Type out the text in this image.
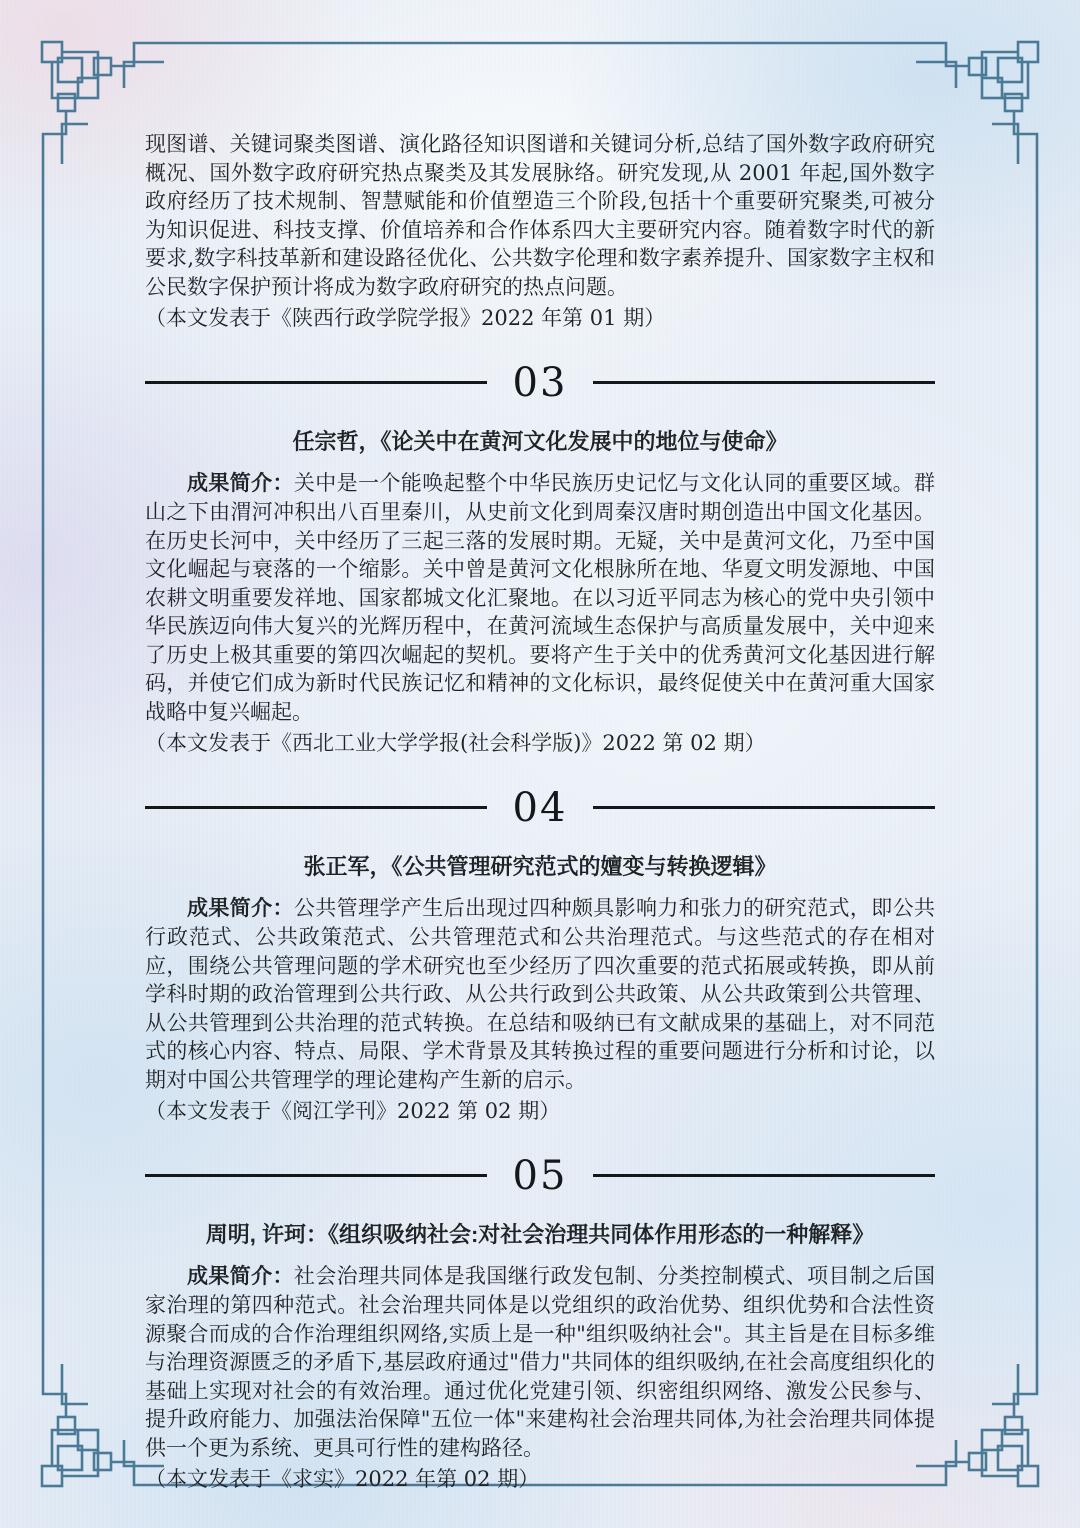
现图谱、关键词聚类图谱、演化路径知识图谱和关键词分析,总结了国外数字政府研究概况、国外数字政府研究热点聚类及其发展脉络。研究发现,从 2001 年起,国外数字政府经历了技术规制、智慧赋能和价值塑造三个阶段,包括十个重要研究聚类,可被分为知识促进、科技支撑、价值培养和合作体系四大主要研究内容。随着数字时代的新要求,数字科技革新和建设路径优化、公共数字伦理和数字素养提升、国家数字主权和公民数字保护预计将成为数字政府研究的热点问题。

（本文发表于《陕西行政学院学报》2022 年第 01 期）

03
任宗哲，《论关中在黄河文化发展中的地位与使命》

成果简介：关中是一个能唤起整个中华民族历史记忆与文化认同的重要区域。群山之下由渭河冲积出八百里秦川，从史前文化到周秦汉唐时期创造出中国文化基因。在历史长河中，关中经历了三起三落的发展时期。无疑，关中是黄河文化，乃至中国文化崛起与衰落的一个缩影。关中曾是黄河文化根脉所在地、华夏文明发源地、中国农耕文明重要发祥地、国家都城文化汇聚地。在以习近平同志为核心的党中央引领中华民族迈向伟大复兴的光辉历程中，在黄河流域生态保护与高质量发展中，关中迎来了历史上极其重要的第四次崛起的契机。要将产生于关中的优秀黄河文化基因进行解码，并使它们成为新时代民族记忆和精神的文化标识，最终促使关中在黄河重大国家战略中复兴崛起。

（本文发表于《西北工业大学学报(社会科学版)》2022 第 02 期）

04
张正军，《公共管理研究范式的嬗变与转换逻辑》

成果简介：公共管理学产生后出现过四种颇具影响力和张力的研究范式，即公共行政范式、公共政策范式、公共管理范式和公共治理范式。与这些范式的存在相对应，围绕公共管理问题的学术研究也至少经历了四次重要的范式拓展或转换，即从前学科时期的政治管理到公共行政、从公共行政到公共政策、从公共政策到公共管理、从公共管理到公共治理的范式转换。在总结和吸纳已有文献成果的基础上，对不同范式的核心内容、特点、局限、学术背景及其转换过程的重要问题进行分析和讨论，以期对中国公共管理学的理论建构产生新的启示。

（本文发表于《阅江学刊》2022 第 02 期）

05
周明, 许珂：《组织吸纳社会:对社会治理共同体作用形态的一种解释》

成果简介：社会治理共同体是我国继行政发包制、分类控制模式、项目制之后国家治理的第四种范式。社会治理共同体是以党组织的政治优势、组织优势和合法性资源聚合而成的合作治理组织网络,实质上是一种"组织吸纳社会"。其主旨是在目标多维与治理资源匮乏的矛盾下,基层政府通过"借力"共同体的组织吸纳,在社会高度组织化的基础上实现对社会的有效治理。通过优化党建引领、织密组织网络、激发公民参与、提升政府能力、加强法治保障"五位一体"来建构社会治理共同体,为社会治理共同体提供一个更为系统、更具可行性的建构路径。

（本文发表于《求实》2022 年第 02 期）
